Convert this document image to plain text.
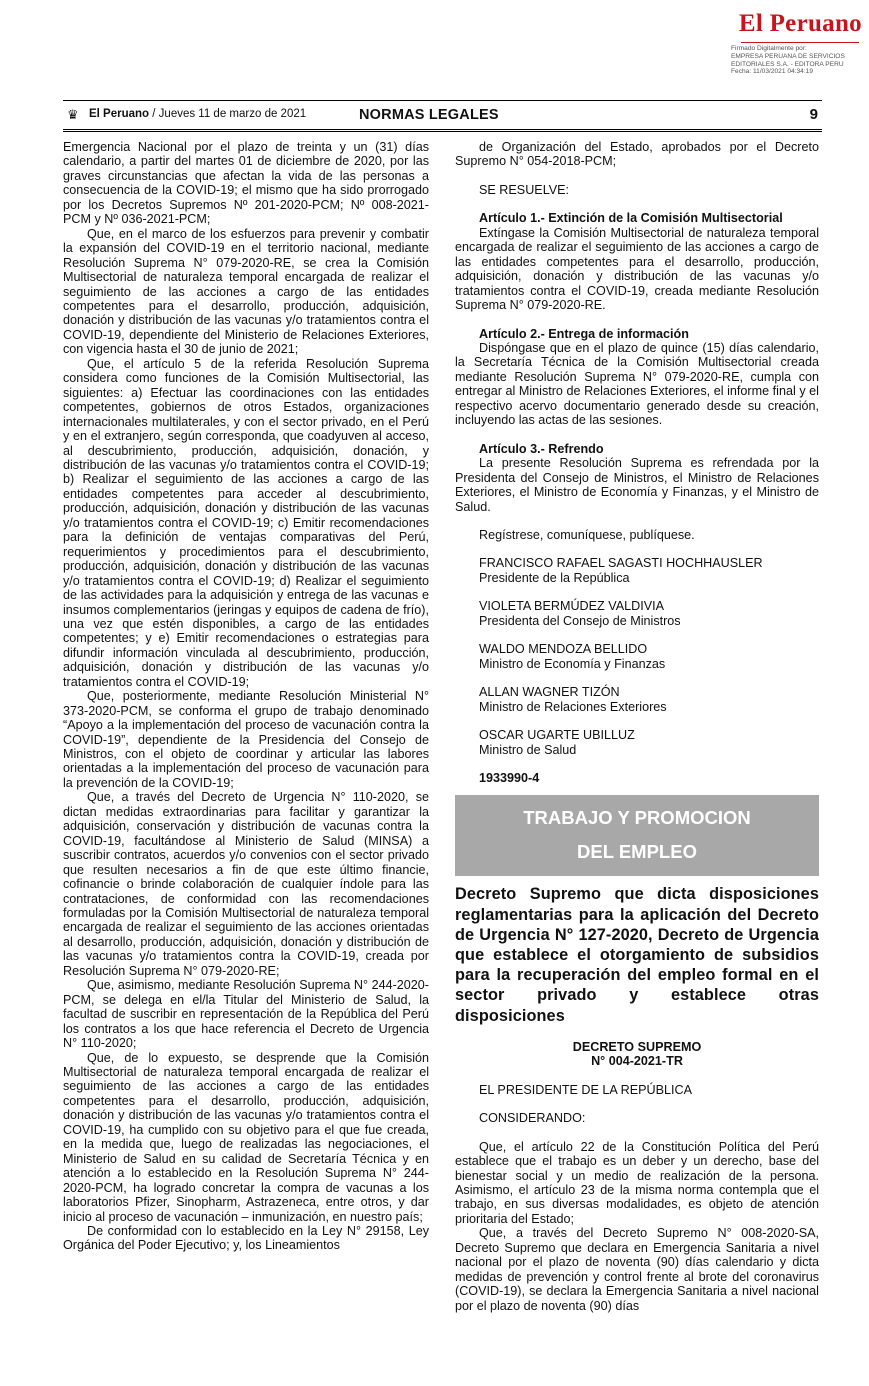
El Peruano
Firmado Digitalmente por:
EMPRESA PERUANA DE SERVICIOS
EDITORIALES S.A. - EDITORA PERU
Fecha: 11/03/2021 04:34:19
♛ El Peruano / Jueves 11 de marzo de 2021	NORMAS LEGALES	9

Emergencia Nacional por el plazo de treinta y un (31) días calendario, a partir del martes 01 de diciembre de 2020, por las graves circunstancias que afectan la vida de las personas a consecuencia de la COVID-19; el mismo que ha sido prorrogado por los Decretos Supremos Nº 201-2020-PCM; Nº 008-2021-PCM y Nº 036-2021-PCM;

Que, en el marco de los esfuerzos para prevenir y combatir la expansión del COVID-19 en el territorio nacional, mediante Resolución Suprema N° 079-2020-RE, se crea la Comisión Multisectorial de naturaleza temporal encargada de realizar el seguimiento de las acciones a cargo de las entidades competentes para el desarrollo, producción, adquisición, donación y distribución de las vacunas y/o tratamientos contra el COVID-19, dependiente del Ministerio de Relaciones Exteriores, con vigencia hasta el 30 de junio de 2021;

Que, el artículo 5 de la referida Resolución Suprema considera como funciones de la Comisión Multisectorial, las siguientes: a) Efectuar las coordinaciones con las entidades competentes, gobiernos de otros Estados, organizaciones internacionales multilaterales, y con el sector privado, en el Perú y en el extranjero, según corresponda, que coadyuven al acceso, al descubrimiento, producción, adquisición, donación, y distribución de las vacunas y/o tratamientos contra el COVID-19; b) Realizar el seguimiento de las acciones a cargo de las entidades competentes para acceder al descubrimiento, producción, adquisición, donación y distribución de las vacunas y/o tratamientos contra el COVID-19; c) Emitir recomendaciones para la definición de ventajas comparativas del Perú, requerimientos y procedimientos para el descubrimiento, producción, adquisición, donación y distribución de las vacunas y/o tratamientos contra el COVID-19; d) Realizar el seguimiento de las actividades para la adquisición y entrega de las vacunas e insumos complementarios (jeringas y equipos de cadena de frío), una vez que estén disponibles, a cargo de las entidades competentes; y e) Emitir recomendaciones o estrategias para difundir información vinculada al descubrimiento, producción, adquisición, donación y distribución de las vacunas y/o tratamientos contra el COVID-19;

Que, posteriormente, mediante Resolución Ministerial N° 373-2020-PCM, se conforma el grupo de trabajo denominado “Apoyo a la implementación del proceso de vacunación contra la COVID-19”, dependiente de la Presidencia del Consejo de Ministros, con el objeto de coordinar y articular las labores orientadas a la implementación del proceso de vacunación para la prevención de la COVID-19;

Que, a través del Decreto de Urgencia N° 110-2020, se dictan medidas extraordinarias para facilitar y garantizar la adquisición, conservación y distribución de vacunas contra la COVID-19, facultándose al Ministerio de Salud (MINSA) a suscribir contratos, acuerdos y/o convenios con el sector privado que resulten necesarios a fin de que este último financie, cofinancie o brinde colaboración de cualquier índole para las contrataciones, de conformidad con las recomendaciones formuladas por la Comisión Multisectorial de naturaleza temporal encargada de realizar el seguimiento de las acciones orientadas al desarrollo, producción, adquisición, donación y distribución de las vacunas y/o tratamientos contra la COVID-19, creada por Resolución Suprema N° 079-2020-RE;

Que, asimismo, mediante Resolución Suprema N° 244-2020-PCM, se delega en el/la Titular del Ministerio de Salud, la facultad de suscribir en representación de la República del Perú los contratos a los que hace referencia el Decreto de Urgencia N° 110-2020;

Que, de lo expuesto, se desprende que la Comisión Multisectorial de naturaleza temporal encargada de realizar el seguimiento de las acciones a cargo de las entidades competentes para el desarrollo, producción, adquisición, donación y distribución de las vacunas y/o tratamientos contra el COVID-19, ha cumplido con su objetivo para el que fue creada, en la medida que, luego de realizadas las negociaciones, el Ministerio de Salud en su calidad de Secretaría Técnica y en atención a lo establecido en la Resolución Suprema N° 244-2020-PCM, ha logrado concretar la compra de vacunas a los laboratorios Pfizer, Sinopharm, Astrazeneca, entre otros, y dar inicio al proceso de vacunación – inmunización, en nuestro país;

De conformidad con lo establecido en la Ley N° 29158, Ley Orgánica del Poder Ejecutivo; y, los Lineamientos

de Organización del Estado, aprobados por el Decreto Supremo N° 054-2018-PCM;

SE RESUELVE:

Artículo 1.- Extinción de la Comisión Multisectorial

Extíngase la Comisión Multisectorial de naturaleza temporal encargada de realizar el seguimiento de las acciones a cargo de las entidades competentes para el desarrollo, producción, adquisición, donación y distribución de las vacunas y/o tratamientos contra el COVID-19, creada mediante Resolución Suprema N° 079-2020-RE.

Artículo 2.- Entrega de información

Dispóngase que en el plazo de quince (15) días calendario, la Secretaría Técnica de la Comisión Multisectorial creada mediante Resolución Suprema N° 079-2020-RE, cumpla con entregar al Ministro de Relaciones Exteriores, el informe final y el respectivo acervo documentario generado desde su creación, incluyendo las actas de las sesiones.

Artículo 3.- Refrendo

La presente Resolución Suprema es refrendada por la Presidenta del Consejo de Ministros, el Ministro de Relaciones Exteriores, el Ministro de Economía y Finanzas, y el Ministro de Salud.

Regístrese, comuníquese, publíquese.

FRANCISCO RAFAEL SAGASTI HOCHHAUSLER

Presidente de la República

VIOLETA BERMÚDEZ VALDIVIA

Presidenta del Consejo de Ministros

WALDO MENDOZA BELLIDO

Ministro de Economía y Finanzas

ALLAN WAGNER TIZÓN

Ministro de Relaciones Exteriores

OSCAR UGARTE UBILLUZ

Ministro de Salud

1933990-4

TRABAJO Y PROMOCION
DEL EMPLEO

Decreto Supremo que dicta disposiciones reglamentarias para la aplicación del Decreto de Urgencia N° 127-2020, Decreto de Urgencia que establece el otorgamiento de subsidios para la recuperación del empleo formal en el sector privado y establece otras disposiciones

DECRETO SUPREMO

N° 004-2021-TR

EL PRESIDENTE DE LA REPÚBLICA

CONSIDERANDO:

Que, el artículo 22 de la Constitución Política del Perú establece que el trabajo es un deber y un derecho, base del bienestar social y un medio de realización de la persona. Asimismo, el artículo 23 de la misma norma contempla que el trabajo, en sus diversas modalidades, es objeto de atención prioritaria del Estado;

Que, a través del Decreto Supremo N° 008-2020-SA, Decreto Supremo que declara en Emergencia Sanitaria a nivel nacional por el plazo de noventa (90) días calendario y dicta medidas de prevención y control frente al brote del coronavirus (COVID-19), se declara la Emergencia Sanitaria a nivel nacional por el plazo de noventa (90) días
